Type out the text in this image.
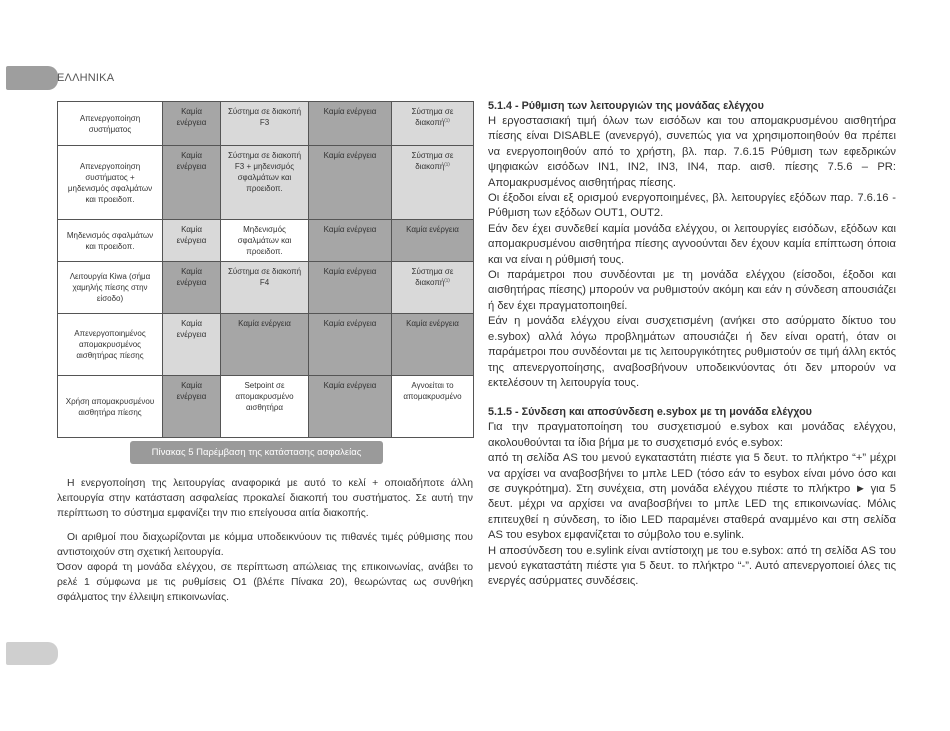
ΕΛΛΗΝΙΚΑ
Απενεργοποίηση συστήματος	Καμία ενέργεια	Σύστημα σε διακοπή F3	Καμία ενέργεια	Σύστημα σε διακοπή$^{(1)}$
Απενεργοποίηση συστήματος + μηδενισμός σφαλμάτων και προειδοπ.	Καμία ενέργεια	Σύστημα σε διακοπή F3 + μηδενισμός σφαλμάτων και προειδοπ.	Καμία ενέργεια	Σύστημα σε διακοπή$^{(1)}$
Μηδενισμός σφαλμάτων και προειδοπ.	Καμία ενέργεια	Μηδενισμός σφαλμάτων και προειδοπ.	Καμία ενέργεια	Καμία ενέργεια
Λειτουργία Kiwa (σήμα χαμηλής πίεσης στην είσοδο)	Καμία ενέργεια	Σύστημα σε διακοπή F4	Καμία ενέργεια	Σύστημα σε διακοπή$^{(1)}$
Απενεργοποιημένος απομακρυσμένος αισθητήρας πίεσης	Καμία ενέργεια	Καμία ενέργεια	Καμία ενέργεια	Καμία ενέργεια
Χρήση απομακρυσμένου αισθητήρα πίεσης	Καμία ενέργεια	Setpoint σε απομακρυσμένο αισθητήρα	Καμία ενέργεια	Αγνοείται το απομακρυσμένο
Πίνακας 5 Παρέμβαση της κατάστασης ασφαλείας

Η ενεργοποίηση της λειτουργίας αναφορικά με αυτό το κελί + οποιαδήποτε άλλη λειτουργία στην κατάσταση ασφαλείας προκαλεί διακοπή του συστήματος. Σε αυτή την περίπτωση το σύστημα εμφανίζει την πιο επείγουσα αιτία διακοπής.

Οι αριθμοί που διαχωρίζονται με κόμμα υποδεικνύουν τις πιθανές τιμές ρύθμισης που αντιστοιχούν στη σχετική λειτουργία.

Όσον αφορά τη μονάδα ελέγχου, σε περίπτωση απώλειας της επικοινωνίας, ανάβει το ρελέ 1 σύμφωνα με τις ρυθμίσεις Ο1 (βλέπε Πίνακα 20), θεωρώντας ως συνθήκη σφάλματος την έλλειψη επικοινωνίας.

5.1.4 - Ρύθμιση των λειτουργιών της μονάδας ελέγχου

Η εργοστασιακή τιμή όλων των εισόδων και του απομακρυσμένου αισθητήρα πίεσης είναι DISABLE (ανενεργό), συνεπώς για να χρησιμοποιηθούν θα πρέπει να ενεργοποιηθούν από το χρήστη, βλ. παρ. 7.6.15 Ρύθμιση των εφεδρικών ψηφιακών εισόδων IN1, IN2, IN3, IN4, παρ. αισθ. πίεσης 7.5.6 – PR: Απομακρυσμένος αισθητήρας πίεσης.

Οι έξοδοι είναι εξ ορισμού ενεργοποιημένες, βλ. λειτουργίες εξόδων παρ. 7.6.16 - Ρύθμιση των εξόδων OUT1, OUT2.

Εάν δεν έχει συνδεθεί καμία μονάδα ελέγχου, οι λειτουργίες εισόδων, εξόδων και απομακρυσμένου αισθητήρα πίεσης αγνοούνται δεν έχουν καμία επίπτωση όποια και να είναι η ρύθμισή τους.

Οι παράμετροι που συνδέονται με τη μονάδα ελέγχου (είσοδοι, έξοδοι και αισθητήρας πίεσης) μπορούν να ρυθμιστούν ακόμη και εάν η σύνδεση απουσιάζει ή δεν έχει πραγματοποιηθεί.

Εάν η μονάδα ελέγχου είναι συσχετισμένη (ανήκει στο ασύρματο δίκτυο του e.sybox) αλλά λόγω προβλημάτων απουσιάζει ή δεν είναι ορατή, όταν οι παράμετροι που συνδέονται με τις λειτουργικότητες ρυθμιστούν σε τιμή άλλη εκτός της απενεργοποίησης, αναβοσβήνουν υποδεικνύοντας ότι δεν μπορούν να εκτελέσουν τη λειτουργία τους.

5.1.5 - Σύνδεση και αποσύνδεση e.sybox με τη μονάδα ελέγχου

Για την πραγματοποίηση του συσχετισμού e.sybox και μονάδας ελέγχου, ακολουθούνται τα ίδια βήμα με το συσχετισμό ενός e.sybox:

από τη σελίδα AS του μενού εγκαταστάτη πιέστε για 5 δευτ. το πλήκτρο “+” μέχρι να αρχίσει να αναβοσβήνει το μπλε LED (τόσο εάν το esybox είναι μόνο όσο και σε συγκρότημα). Στη συνέχεια, στη μονάδα ελέγχου πιέστε το πλήκτρο ► για 5 δευτ. μέχρι να αρχίσει να αναβοσβήνει το μπλε LED της επικοινωνίας. Μόλις επιτευχθεί η σύνδεση, το ίδιο LED παραμένει σταθερά αναμμένο και στη σελίδα AS του esybox εμφανίζεται το σύμβολο του e.sylink.

Η αποσύνδεση του e.sylink είναι αντίστοιχη με του e.sybox: από τη σελίδα AS του μενού εγκαταστάτη πιέστε για 5 δευτ. το πλήκτρο “-”. Αυτό απενεργοποιεί όλες τις ενεργές ασύρματες συνδέσεις.
